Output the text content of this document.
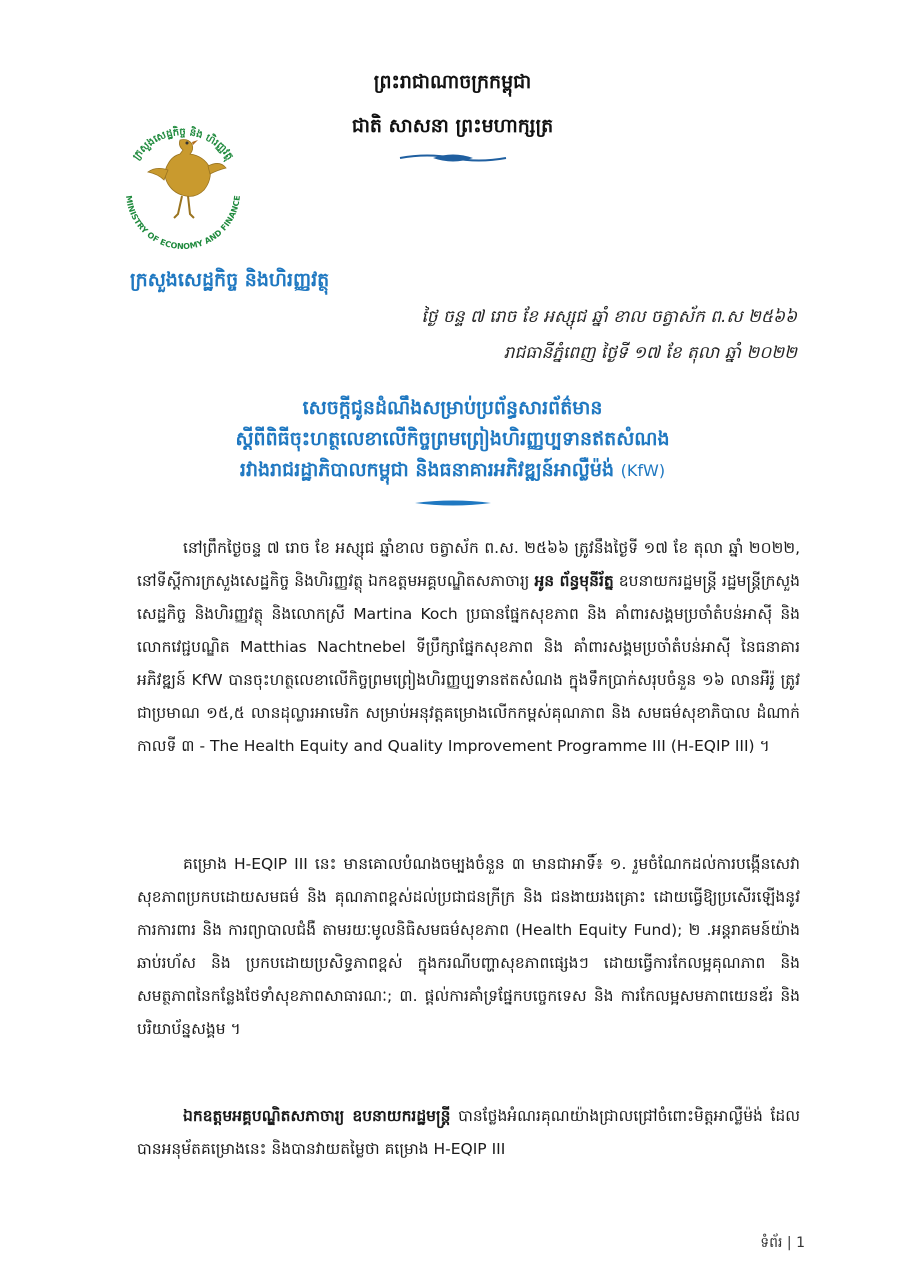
ព្រះរាជាណាចក្រកម្ពុជា
ជាតិ សាសនា ព្រះមហាក្សត្រ
ក្រសួងសេដ្ឋកិច្ច និង ហិរញ្ញវត្ថុ
MINISTRY OF ECONOMY AND FINANCE
ក្រសួងសេដ្ឋកិច្ច និងហិរញ្ញវត្ថុ
ថ្ងៃ ចន្ទ ៧ រោច ខែ អស្សុជ ឆ្នាំ ខាល ចត្វាស័ក ព.ស ២៥៦៦
រាជធានីភ្នំពេញ ថ្ងៃទី ១៧ ខែ តុលា ឆ្នាំ ២០២២
សេចក្តីជូនដំណឹងសម្រាប់ប្រព័ន្ធសារព័ត៌មាន
ស្តីពីពិធីចុះហត្ថលេខាលើកិច្ចព្រមព្រៀងហិរញ្ញប្បទានឥតសំណង
រវាងរាជរដ្ឋាភិបាលកម្ពុជា និងធនាគារអភិវឌ្ឍន៍អាល្លឺម៉ង់ (KfW)
នៅព្រឹកថ្ងៃចន្ទ ៧ រោច ខែ អស្សុជ ឆ្នាំខាល ចត្វាស័ក ព.ស. ២៥៦៦ ត្រូវនឹងថ្ងៃទី ១៧ ខែ តុលា ឆ្នាំ ២០២២, នៅទីស្តីការក្រសួងសេដ្ឋកិច្ច និងហិរញ្ញវត្ថុ ឯកឧត្តមអគ្គបណ្ឌិតសភាចារ្យ អូន ព័ន្ធមុនីរ័ត្ន ឧបនាយករដ្ឋមន្ត្រី រដ្ឋមន្ត្រីក្រសួងសេដ្ឋកិច្ច និងហិរញ្ញវត្ថុ និងលោកស្រី Martina Koch ប្រធានផ្នែកសុខភាព និង គាំពារសង្គមប្រចាំតំបន់អាស៊ី និង លោកវេជ្ជបណ្ឌិត Matthias Nachtnebel ទីប្រឹក្សាផ្នែកសុខភាព និង គាំពារសង្គមប្រចាំតំបន់អាស៊ី នៃធនាគារអភិវឌ្ឍន៍ KfW បានចុះហត្ថលេខាលើកិច្ចព្រមព្រៀងហិរញ្ញប្បទានឥតសំណង ក្នុងទឹកប្រាក់សរុបចំនួន ១៦ លានអឺរ៉ូ ត្រូវជាប្រមាណ ១៥,៥ លានដុល្លារអាមេរិក សម្រាប់អនុវត្តគម្រោងលើកកម្ពស់គុណភាព និង សមធម៌សុខាភិបាល ដំណាក់កាលទី ៣ - The Health Equity and Quality Improvement Programme III (H-EQIP III) ។
គម្រោង H-EQIP III នេះ មានគោលបំណងចម្បងចំនួន ៣ មានជាអាទិ៍៖ ១. រួមចំណែកដល់ការបង្កើនសេវាសុខភាពប្រកបដោយសមធម៌ និង គុណភាពខ្ពស់ដល់ប្រជាជនក្រីក្រ និង ជនងាយរងគ្រោះ ដោយធ្វើឱ្យប្រសើរឡើងនូវការការពារ និង ការព្យាបាលជំងឺ តាមរយៈមូលនិធិសមធម៌សុខភាព (Health Equity Fund); ២ .អន្តរាគមន៍យ៉ាងឆាប់រហ័ស និង ប្រកបដោយប្រសិទ្ធភាពខ្ពស់ ក្នុងករណីបញ្ហាសុខភាពផ្សេងៗ ដោយធ្វើការកែលម្អគុណភាព និង សមត្ថភាពនៃកន្លែងថែទាំសុខភាពសាធារណៈ; ៣. ផ្តល់ការគាំទ្រផ្នែកបច្ចេកទេស និង ការកែលម្អសមភាពយេនឌ័រ និង បរិយាប័ន្នសង្គម ។
ឯកឧត្តមអគ្គបណ្ឌិតសភាចារ្យ ឧបនាយករដ្ឋមន្ត្រី បានថ្លែងអំណរគុណយ៉ាងជ្រាលជ្រៅចំពោះមិត្តអាល្លឺម៉ង់ ដែលបានអនុម័តគម្រោងនេះ និងបានវាយតម្លៃថា គម្រោង H-EQIP III
ទំព័រ | 1
